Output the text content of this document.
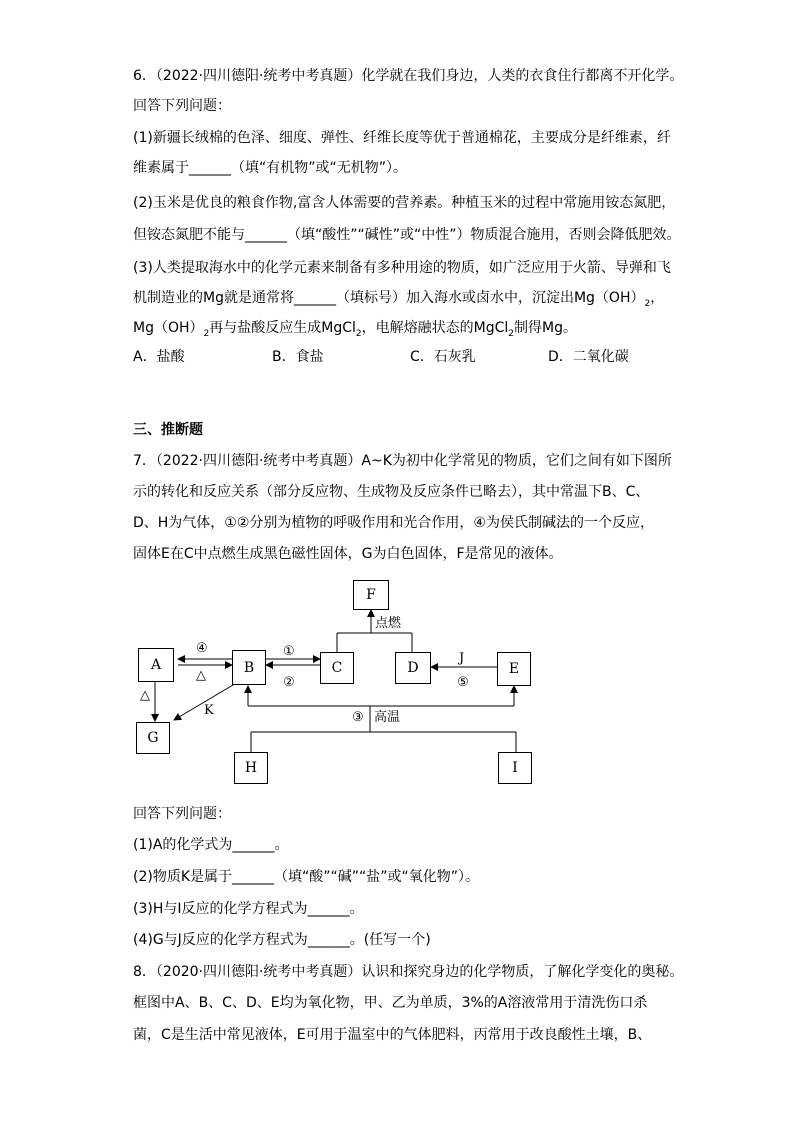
6．（2022·四川德阳·统考中考真题）化学就在我们身边，人类的衣食住行都离不开化学。
回答下列问题：
(1)新疆长绒棉的色泽、细度、弹性、纤维长度等优于普通棉花，主要成分是纤维素，纤
维素属于______（填“有机物”或“无机物”）。
(2)玉米是优良的粮食作物,富含人体需要的营养素。种植玉米的过程中常施用铵态氮肥，
但铵态氮肥不能与______（填“酸性”“碱性”或“中性”）物质混合施用，否则会降低肥效。
(3)人类提取海水中的化学元素来制备有多种用途的物质，如广泛应用于火箭、导弹和飞
机制造业的Mg就是通常将______（填标号）加入海水或卤水中，沉淀出$Mg(OH)_2$，
$Mg(OH)_2$再与盐酸反应生成MgCl$_2$，电解熔融状态的MgCl$_2$制得Mg。
A．盐酸	B．食盐	C．石灰乳	D．二氧化碳
三、推断题
7．（2022·四川德阳·统考中考真题）A~K为初中化学常见的物质，它们之间有如下图所
示的转化和反应关系（部分反应物、生成物及反应条件已略去），其中常温下B、C、
D、H为气体，①②分别为植物的呼吸作用和光合作用，④为侯氏制碱法的一个反应，
固体E在C中点燃生成黑色磁性固体，G为白色固体，F是常见的液体。
F
A	B	C	D	E
G
H	I
点燃
④
△
①
②
J
⑤
△
K	③ 高温
回答下列问题：
(1)A的化学式为______。
(2)物质K是属于______（填“酸”“碱”“盐”或“氧化物”）。
(3)H与I反应的化学方程式为______。
(4)G与J反应的化学方程式为______。(任写一个)
8．（2020·四川德阳·统考中考真题）认识和探究身边的化学物质，了解化学变化的奥秘。
框图中A、B、C、D、E均为氧化物，甲、乙为单质，3%的A溶液常用于清洗伤口杀
菌，C是生活中常见液体，E可用于温室中的气体肥料，丙常用于改良酸性土壤，B、
